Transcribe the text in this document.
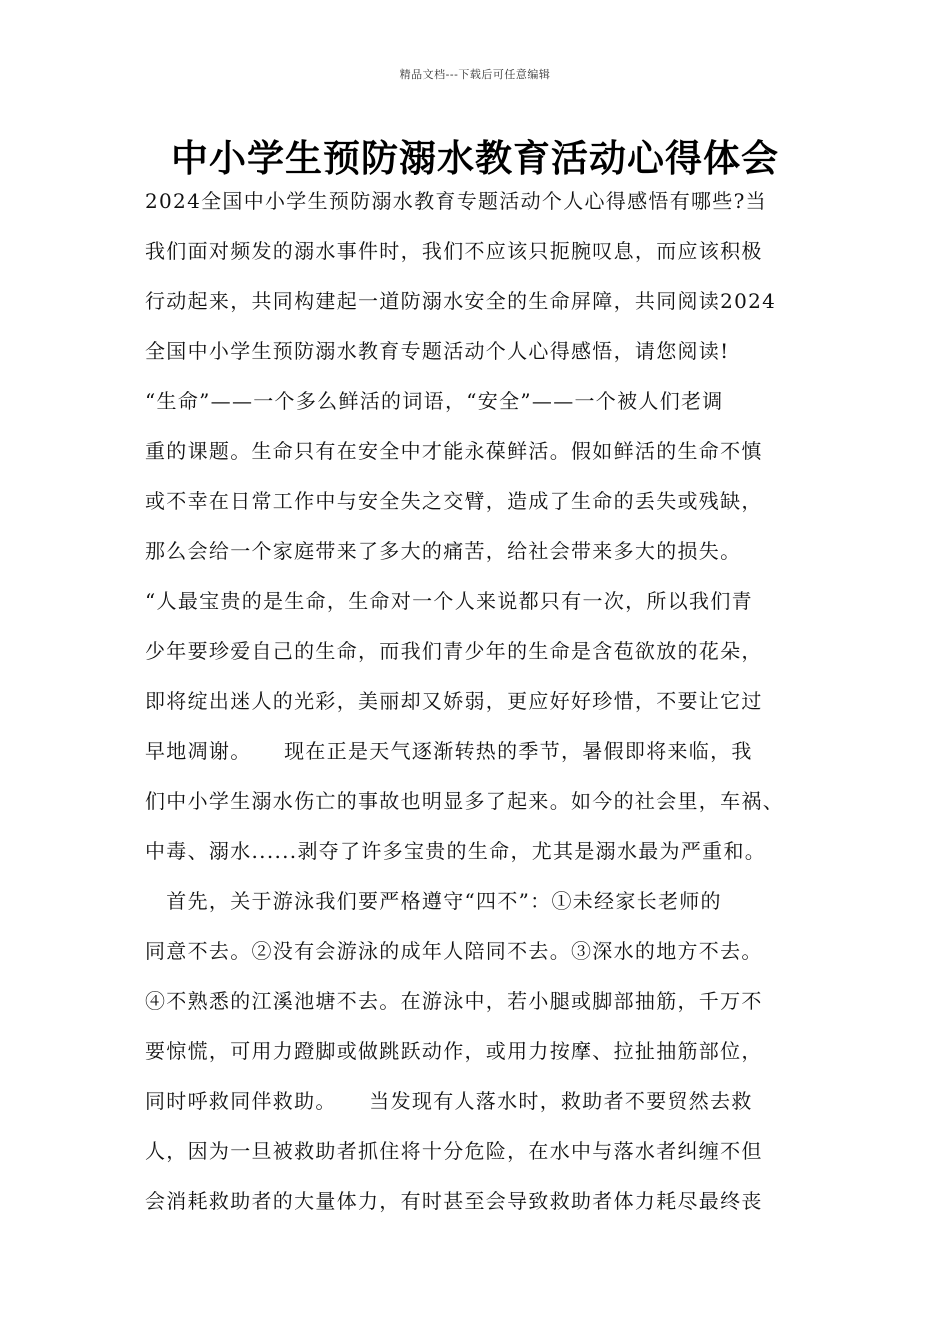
精品文档---下载后可任意编辑
中小学生预防溺水教育活动心得体会
2024全国中小学生预防溺水教育专题活动个人心得感悟有哪些?当
我们面对频发的溺水事件时，我们不应该只扼腕叹息，而应该积极
行动起来，共同构建起一道防溺水安全的生命屏障，共同阅读2024
全国中小学生预防溺水教育专题活动个人心得感悟，请您阅读!
“生命”——一个多么鲜活的词语，“安全”——一个被人们老调
重的课题。生命只有在安全中才能永葆鲜活。假如鲜活的生命不慎
或不幸在日常工作中与安全失之交臂，造成了生命的丢失或残缺，
那么会给一个家庭带来了多大的痛苦，给社会带来多大的损失。
“人最宝贵的是生命，生命对一个人来说都只有一次，所以我们青
少年要珍爱自己的生命，而我们青少年的生命是含苞欲放的花朵，
即将绽出迷人的光彩，美丽却又娇弱，更应好好珍惜，不要让它过
早地凋谢。　　现在正是天气逐渐转热的季节，暑假即将来临，我
们中小学生溺水伤亡的事故也明显多了起来。如今的社会里，车祸、
中毒、溺水......剥夺了许多宝贵的生命，尤其是溺水最为严重和。
　首先，关于游泳我们要严格遵守“四不”：①未经家长老师的
同意不去。②没有会游泳的成年人陪同不去。③深水的地方不去。
④不熟悉的江溪池塘不去。在游泳中，若小腿或脚部抽筋，千万不
要惊慌，可用力蹬脚或做跳跃动作，或用力按摩、拉扯抽筋部位，
同时呼救同伴救助。　　当发现有人落水时，救助者不要贸然去救
人，因为一旦被救助者抓住将十分危险，在水中与落水者纠缠不但
会消耗救助者的大量体力，有时甚至会导致救助者体力耗尽最终丧
